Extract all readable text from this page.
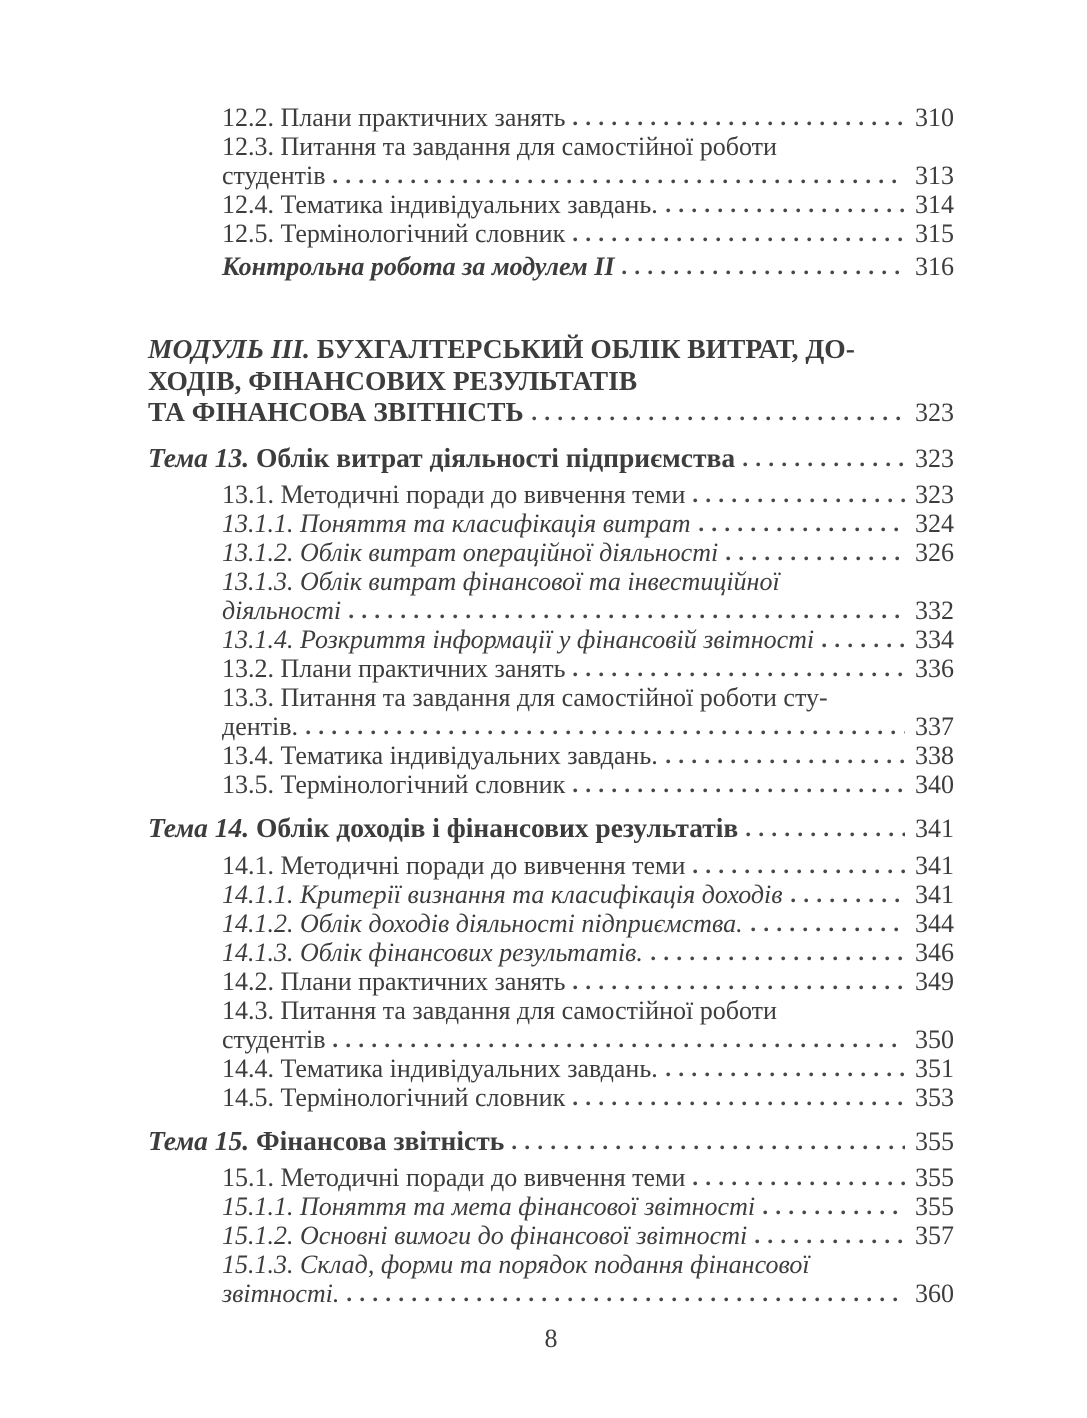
12.2. Плани практичних занять	310
12.3. Питання та завдання для самостійної роботи
студентів	313
12.4. Тематика індивідуальних завдань.	314
12.5. Термінологічний словник	315
Контрольна робота за модулем ІІ	316
МОДУЛЬ ІІІ. БУХГАЛТЕРСЬКИЙ ОБЛІК ВИТРАТ, ДО-
ХОДІВ, ФІНАНСОВИХ РЕЗУЛЬТАТІВ
ТА ФІНАНСОВА ЗВІТНІСТЬ	323
Тема 13. Облік витрат діяльності підприємства	323
13.1. Методичні поради до вивчення теми	323
13.1.1. Поняття та класифікація витрат	324
13.1.2. Облік витрат операційної діяльності	326
13.1.3. Облік витрат фінансової та інвестиційної
діяльності	332
13.1.4. Розкриття інформації у фінансовій звітності	334
13.2. Плани практичних занять	336
13.3. Питання та завдання для самостійної роботи сту-
дентів.	337
13.4. Тематика індивідуальних завдань.	338
13.5. Термінологічний словник	340
Тема 14. Облік доходів і фінансових результатів	341
14.1. Методичні поради до вивчення теми	341
14.1.1. Критерії визнання та класифікація доходів	341
14.1.2. Облік доходів діяльності підприємства.	344
14.1.3. Облік фінансових результатів.	346
14.2. Плани практичних занять	349
14.3. Питання та завдання для самостійної роботи
студентів	350
14.4. Тематика індивідуальних завдань.	351
14.5. Термінологічний словник	353
Тема 15. Фінансова звітність	355
15.1. Методичні поради до вивчення теми	355
15.1.1. Поняття та мета фінансової звітності	355
15.1.2. Основні вимоги до фінансової звітності	357
15.1.3. Склад, форми та порядок подання фінансової
звітності.	360
8
